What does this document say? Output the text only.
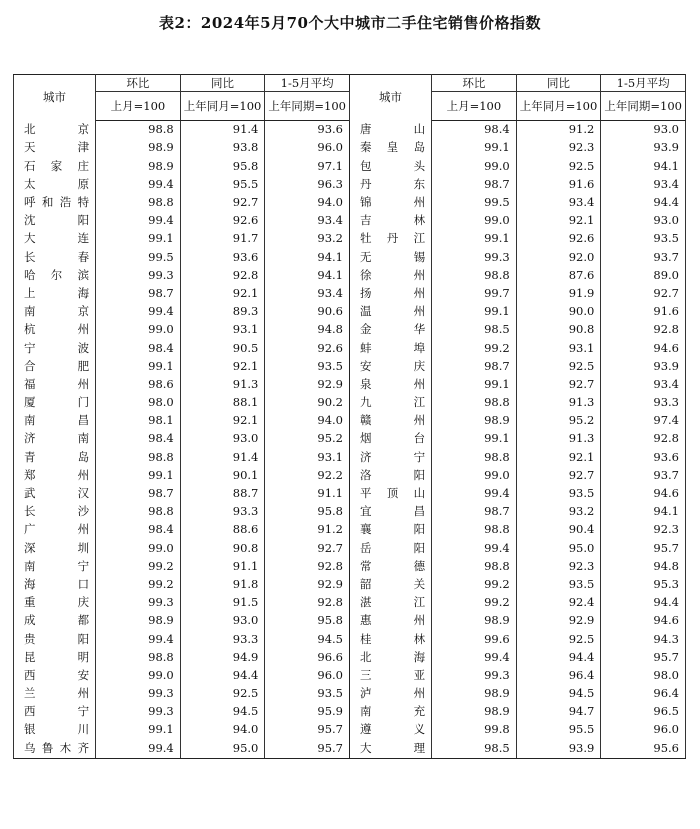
表2：2024年5月70个大中城市二手住宅销售价格指数
城市	环比	同比	1-5月平均	城市	环比	同比	1-5月平均
	上月=100	上年同月=100	上年同期=100		上月=100	上年同月=100	上年同期=100
北京	98.8	91.4	93.6	唐山	98.4	91.2	93.0
天津	98.9	93.8	96.0	秦皇岛	99.1	92.3	93.9
石家庄	98.9	95.8	97.1	包头	99.0	92.5	94.1
太原	99.4	95.5	96.3	丹东	98.7	91.6	93.4
呼和浩特	98.8	92.7	94.0	锦州	99.5	93.4	94.4
沈阳	99.4	92.6	93.4	吉林	99.0	92.1	93.0
大连	99.1	91.7	93.2	牡丹江	99.1	92.6	93.5
长春	99.5	93.6	94.1	无锡	99.3	92.0	93.7
哈尔滨	99.3	92.8	94.1	徐州	98.8	87.6	89.0
上海	98.7	92.1	93.4	扬州	99.7	91.9	92.7
南京	99.4	89.3	90.6	温州	99.1	90.0	91.6
杭州	99.0	93.1	94.8	金华	98.5	90.8	92.8
宁波	98.4	90.5	92.6	蚌埠	99.2	93.1	94.6
合肥	99.1	92.1	93.5	安庆	98.7	92.5	93.9
福州	98.6	91.3	92.9	泉州	99.1	92.7	93.4
厦门	98.0	88.1	90.2	九江	98.8	91.3	93.3
南昌	98.1	92.1	94.0	赣州	98.9	95.2	97.4
济南	98.4	93.0	95.2	烟台	99.1	91.3	92.8
青岛	98.8	91.4	93.1	济宁	98.8	92.1	93.6
郑州	99.1	90.1	92.2	洛阳	99.0	92.7	93.7
武汉	98.7	88.7	91.1	平顶山	99.4	93.5	94.6
长沙	98.8	93.3	95.8	宜昌	98.7	93.2	94.1
广州	98.4	88.6	91.2	襄阳	98.8	90.4	92.3
深圳	99.0	90.8	92.7	岳阳	99.4	95.0	95.7
南宁	99.2	91.1	92.8	常德	98.8	92.3	94.8
海口	99.2	91.8	92.9	韶关	99.2	93.5	95.3
重庆	99.3	91.5	92.8	湛江	99.2	92.4	94.4
成都	98.9	93.0	95.8	惠州	98.9	92.9	94.6
贵阳	99.4	93.3	94.5	桂林	99.6	92.5	94.3
昆明	98.8	94.9	96.6	北海	99.4	94.4	95.7
西安	99.0	94.4	96.0	三亚	99.3	96.4	98.0
兰州	99.3	92.5	93.5	泸州	98.9	94.5	96.4
西宁	99.3	94.5	95.9	南充	98.9	94.7	96.5
银川	99.1	94.0	95.7	遵义	99.8	95.5	96.0
乌鲁木齐	99.4	95.0	95.7	大理	98.5	93.9	95.6
